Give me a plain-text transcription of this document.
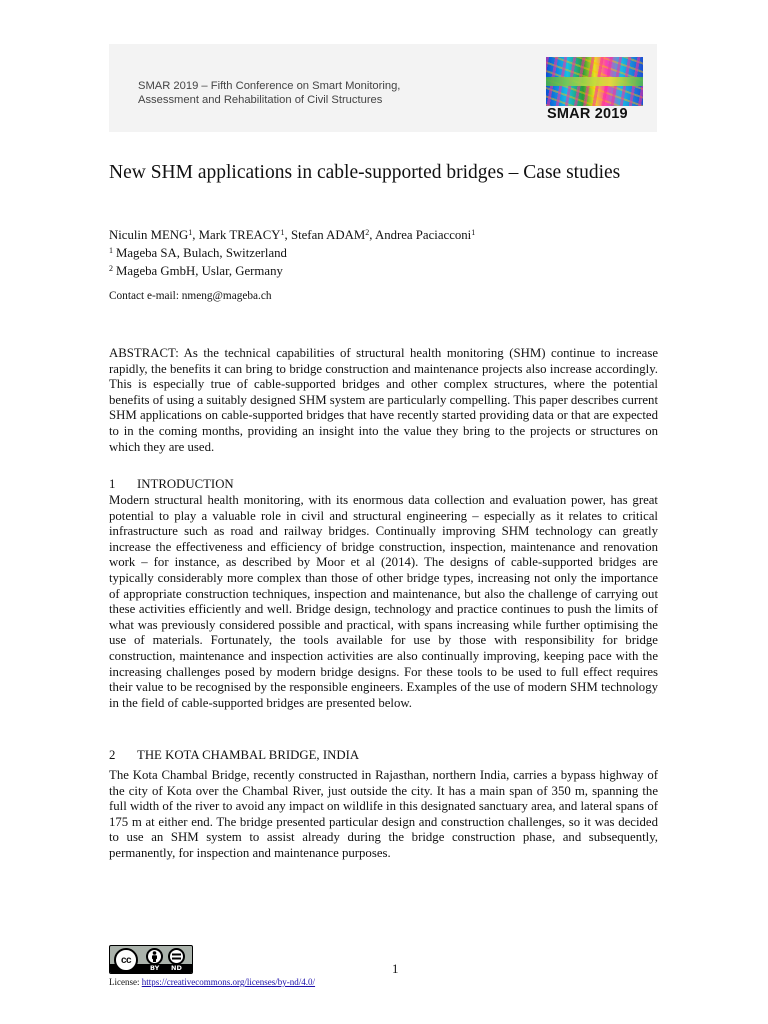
SMAR 2019 – Fifth Conference on Smart Monitoring,
Assessment and Rehabilitation of Civil Structures
SMAR 2019
New SHM applications in cable-supported bridges – Case studies
Niculin MENG$^1$, Mark TREACY$^1$, Stefan ADAM$^2$, Andrea Paciacconi$^1$
$^1$ Mageba SA, Bulach, Switzerland
$^2$ Mageba GmbH, Uslar, Germany
Contact e-mail: nmeng@mageba.ch
ABSTRACT: As the technical capabilities of structural health monitoring (SHM) continue to increase rapidly, the benefits it can bring to bridge construction and maintenance projects also increase accordingly. This is especially true of cable-supported bridges and other complex structures, where the potential benefits of using a suitably designed SHM system are particularly compelling. This paper describes current SHM applications on cable-supported bridges that have recently started providing data or that are expected to in the coming months, providing an insight into the value they bring to the projects or structures on which they are used.
1 INTRODUCTION
Modern structural health monitoring, with its enormous data collection and evaluation power, has great potential to play a valuable role in civil and structural engineering – especially as it relates to critical infrastructure such as road and railway bridges. Continually improving SHM technology can greatly increase the effectiveness and efficiency of bridge construction, inspection, maintenance and renovation work – for instance, as described by Moor et al (2014). The designs of cable-supported bridges are typically considerably more complex than those of other bridge types, increasing not only the importance of appropriate construction techniques, inspection and maintenance, but also the challenge of carrying out these activities efficiently and well. Bridge design, technology and practice continues to push the limits of what was previously considered possible and practical, with spans increasing while further optimising the use of materials. Fortunately, the tools available for use by those with responsibility for bridge construction, maintenance and inspection activities are also continually improving, keeping pace with the increasing challenges posed by modern bridge designs. For these tools to be used to full effect requires their value to be recognised by the responsible engineers. Examples of the use of modern SHM technology in the field of cable-supported bridges are presented below.
2 THE KOTA CHAMBAL BRIDGE, INDIA
The Kota Chambal Bridge, recently constructed in Rajasthan, northern India, carries a bypass highway of the city of Kota over the Chambal River, just outside the city. It has a main span of 350 m, spanning the full width of the river to avoid any impact on wildlife in this designated sanctuary area, and lateral spans of 175 m at either end. The bridge presented particular design and construction challenges, so it was decided to use an SHM system to assist already during the bridge construction phase, and subsequently, permanently, for inspection and maintenance purposes.
cc
BY ND	1
License: https://creativecommons.org/licenses/by-nd/4.0/
